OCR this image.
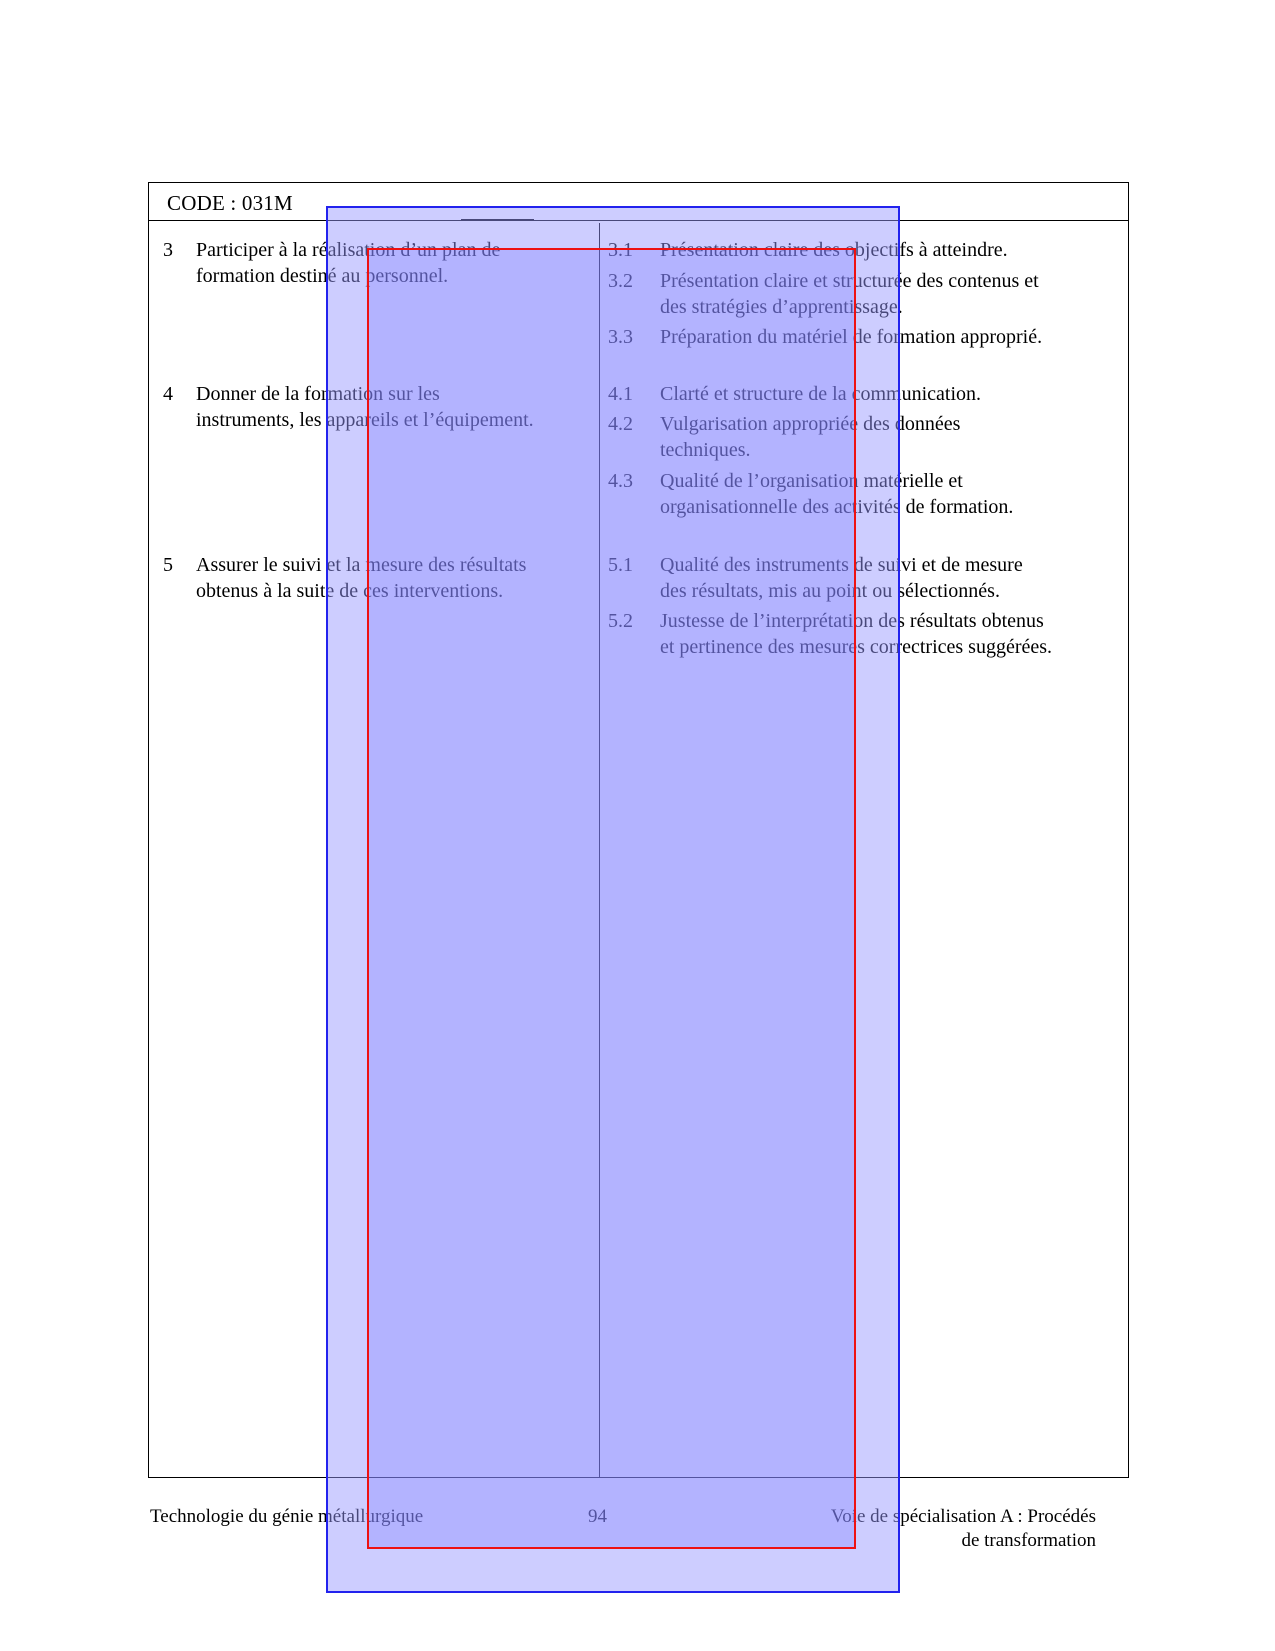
CODE : 031M
3 Participer à la réalisation d’un plan de
formation destiné au personnel.
3.1 Présentation claire des objectifs à atteindre.
3.2 Présentation claire et structurée des contenus et
des stratégies d’apprentissage.
3.3 Préparation du matériel de formation approprié.
4 Donner de la formation sur les
instruments, les appareils et l’équipement.
4.1 Clarté et structure de la communication.
4.2 Vulgarisation appropriée des données
techniques.
4.3 Qualité de l’organisation matérielle et
organisationnelle des activités de formation.
5 Assurer le suivi et la mesure des résultats
obtenus à la suite de ces interventions.
5.1 Qualité des instruments de suivi et de mesure
des résultats, mis au point ou sélectionnés.
5.2 Justesse de l’interprétation des résultats obtenus
et pertinence des mesures correctrices suggérées.
Technologie du génie métallurgique	94	Voie de spécialisation A : Procédés
de transformation
